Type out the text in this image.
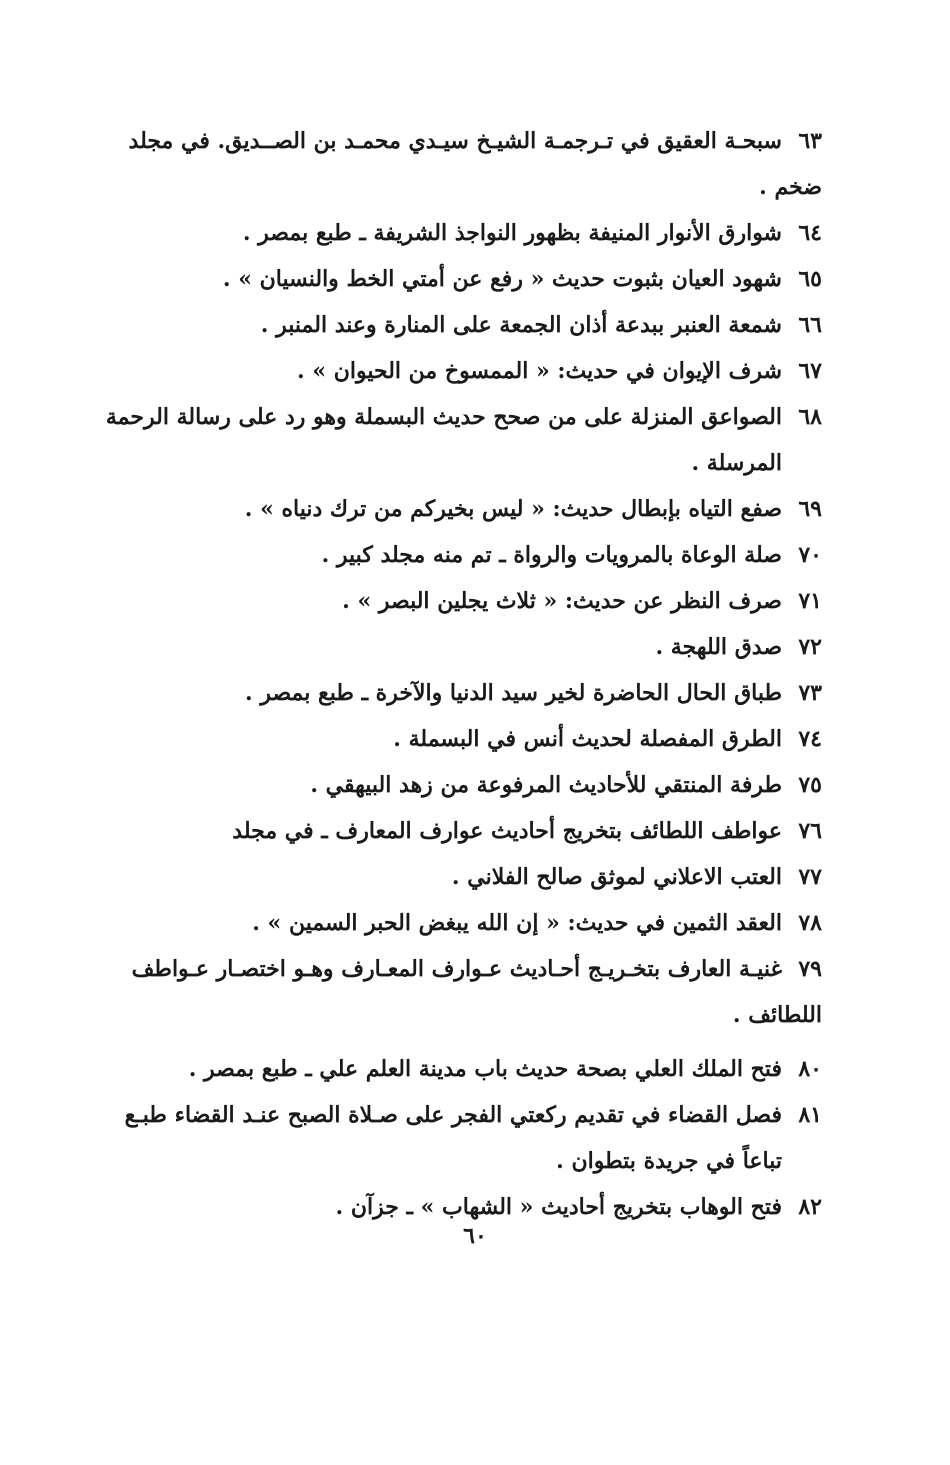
٦٣
سبحـة العقيق في تـرجمـة الشيـخ سيـدي محمـد بن الصــديق. في مجلد
ضخم .
٦٤
شوارق الأنوار المنيفة بظهور النواجذ الشريفة ـ طبع بمصر .
٦٥
شهود العيان بثبوت حديث « رفع عن أمتي الخط والنسيان » .
٦٦
شمعة العنبر ببدعة أذان الجمعة على المنارة وعند المنبر .
٦٧
شرف الإيوان في حديث: « الممسوخ من الحيوان » .
٦٨
الصواعق المنزلة على من صحح حديث البسملة وهو رد على رسالة الرحمة
المرسلة .
٦٩
صفع التياه بإبطال حديث: « ليس بخيركم من ترك دنياه » .
٧٠
صلة الوعاة بالمرويات والرواة ـ تم منه مجلد كبير .
٧١
صرف النظر عن حديث: « ثلاث يجلين البصر » .
٧٢
صدق اللهجة .
٧٣
طباق الحال الحاضرة لخير سيد الدنيا والآخرة ـ طبع بمصر .
٧٤
الطرق المفصلة لحديث أنس في البسملة .
٧٥
طرفة المنتقي للأحاديث المرفوعة من زهد البيهقي .
٧٦
عواطف اللطائف بتخريج أحاديث عوارف المعارف ـ في مجلد
٧٧
العتب الاعلاني لموثق صالح الفلاني .
٧٨
العقد الثمين في حديث: « إن الله يبغض الحبر السمين » .
٧٩
غنيـة العارف بتخـريـج أحـاديث عـوارف المعـارف وهـو اختصـار عـواطف
اللطائف .
٨٠
فتح الملك العلي بصحة حديث باب مدينة العلم علي ـ طبع بمصر .
٨١
فصل القضاء في تقديم ركعتي الفجر على صـلاة الصبح عنـد القضاء طبـع
تباعاً في جريدة بتطوان .
٨٢
فتح الوهاب بتخريج أحاديث « الشهاب » ـ جزآن .
٦٠
